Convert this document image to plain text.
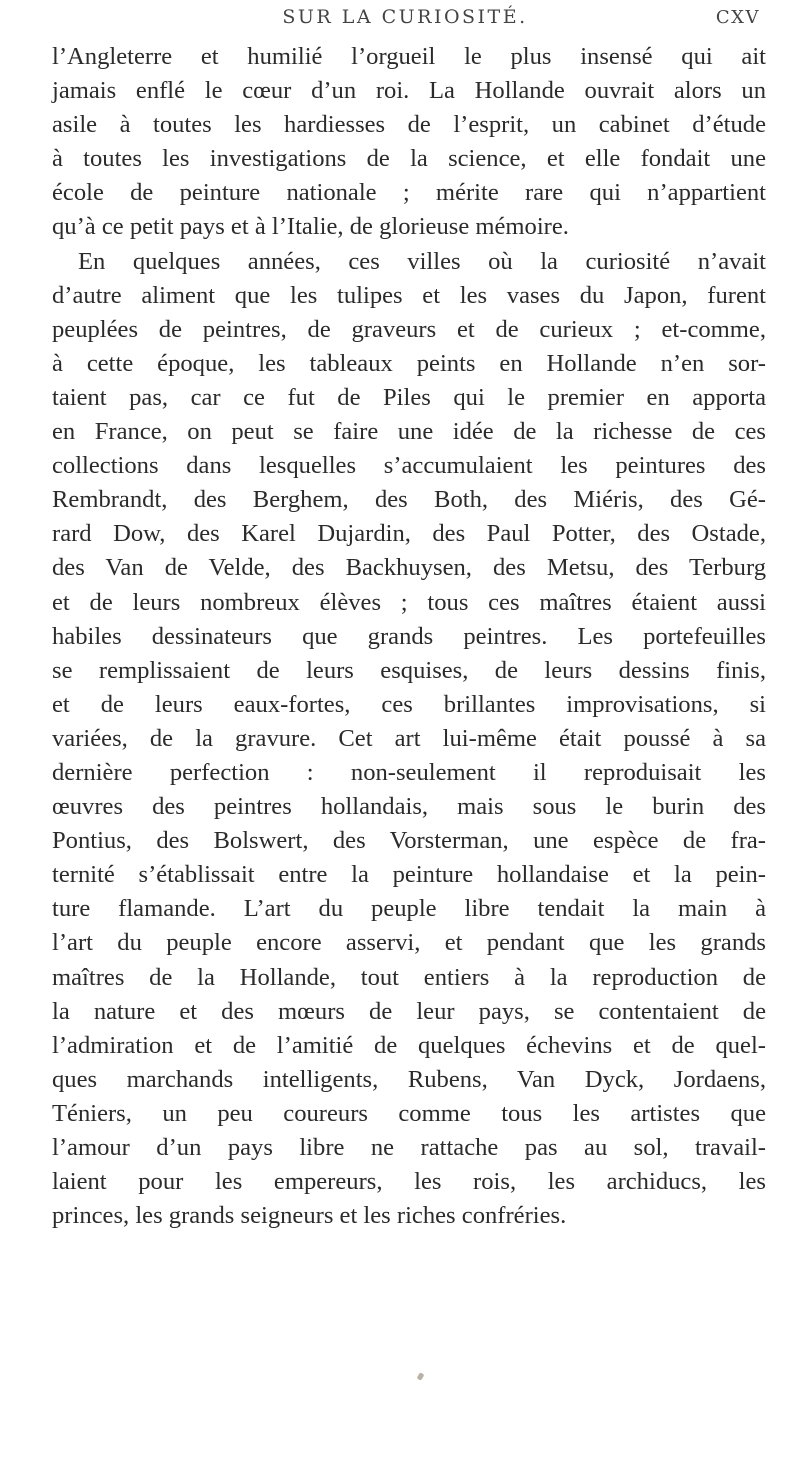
SUR LA CURIOSITÉ.	CXV
l’Angleterre et humilié l’orgueil le plus insensé qui ait
jamais enflé le cœur d’un roi. La Hollande ouvrait alors un
asile à toutes les hardiesses de l’esprit, un cabinet d’étude
à toutes les investigations de la science, et elle fondait une
école de peinture nationale ; mérite rare qui n’appartient
qu’à ce petit pays et à l’Italie, de glorieuse mémoire.
En quelques années, ces villes où la curiosité n’avait
d’autre aliment que les tulipes et les vases du Japon, furent
peuplées de peintres, de graveurs et de curieux ; et-comme,
à cette époque, les tableaux peints en Hollande n’en sor-
taient pas, car ce fut de Piles qui le premier en apporta
en France, on peut se faire une idée de la richesse de ces
collections dans lesquelles s’accumulaient les peintures des
Rembrandt, des Berghem, des Both, des Miéris, des Gé-
rard Dow, des Karel Dujardin, des Paul Potter, des Ostade,
des Van de Velde, des Backhuysen, des Metsu, des Terburg
et de leurs nombreux élèves ; tous ces maîtres étaient aussi
habiles dessinateurs que grands peintres. Les portefeuilles
se remplissaient de leurs esquises, de leurs dessins finis,
et de leurs eaux-fortes, ces brillantes improvisations, si
variées, de la gravure. Cet art lui-même était poussé à sa
dernière perfection : non-seulement il reproduisait les
œuvres des peintres hollandais, mais sous le burin des
Pontius, des Bolswert, des Vorsterman, une espèce de fra-
ternité s’établissait entre la peinture hollandaise et la pein-
ture flamande. L’art du peuple libre tendait la main à
l’art du peuple encore asservi, et pendant que les grands
maîtres de la Hollande, tout entiers à la reproduction de
la nature et des mœurs de leur pays, se contentaient de
l’admiration et de l’amitié de quelques échevins et de quel-
ques marchands intelligents, Rubens, Van Dyck, Jordaens,
Téniers, un peu coureurs comme tous les artistes que
l’amour d’un pays libre ne rattache pas au sol, travail-
laient pour les empereurs, les rois, les archiducs, les
princes, les grands seigneurs et les riches confréries.
